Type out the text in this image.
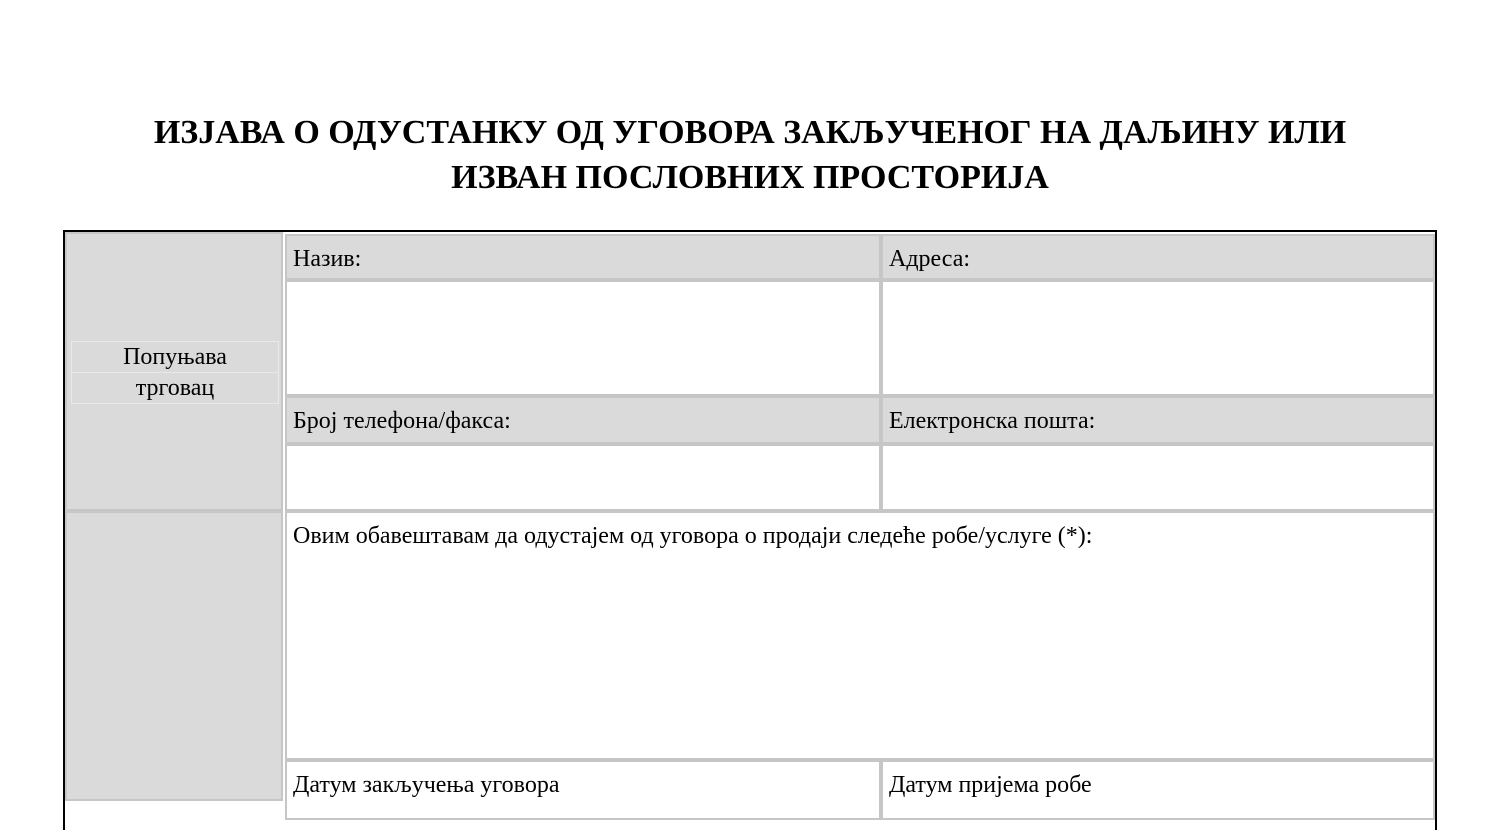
ИЗЈАВА О ОДУСТАНКУ ОД УГОВОРА ЗАКЉУЧЕНОГ НА ДАЉИНУ ИЛИ
ИЗВАН ПОСЛОВНИХ ПРОСТОРИЈА
Попуњава
трговац
Назив:	Адреса:
Број телефона/факса:	Електронска пошта:
Овим обавештавам да одустајем од уговора о продаји следеће робе/услуге (*):
Датум закључења уговора	Датум пријема робе
